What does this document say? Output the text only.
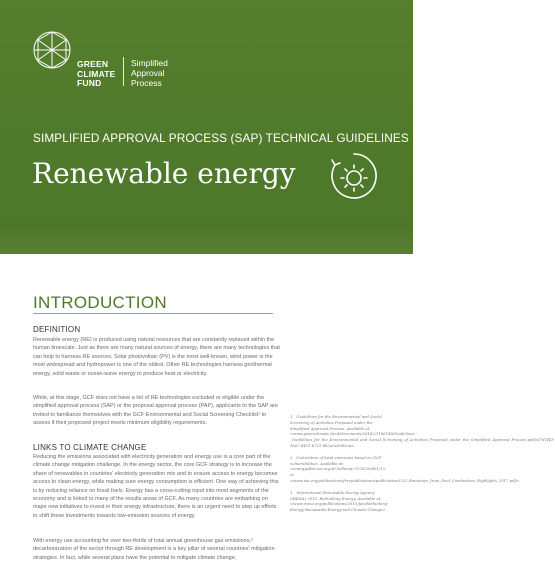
GREEN
CLIMATE
FUND
Simplified
Approval
Process
SIMPLIFIED APPROVAL PROCESS (SAP) TECHNICAL GUIDELINES
Renewable energy
INTRODUCTION
DEFINITION

Renewable energy (RE) is produced using natural resources that are constantly replaced within the human timescale. Just as there are many natural sources of energy, there are many technologies that can help to harness RE sources. Solar photovoltaic (PV) is the most well-known, wind power is the most widespread and hydropower is one of the oldest. Other RE technologies harness geothermal energy, solid waste or ocean-wave energy to produce heat or electricity.

While, at this stage, GCF does not have a list of RE technologies excluded or eligible under the simplified approval process (SAP) or the proposal approval process (PAP), applicants to the SAP are invited to familiarize themselves with the GCF Environmental and Social Screening Checklist¹ to assess if their proposed project meets minimum eligibility requirements.

LINKS TO CLIMATE CHANGE

Reducing the emissions associated with electricity generation and energy use is a core part of the climate change mitigation challenge. In the energy sector, the core GCF strategy is to increase the share of renewables in countries' electricity generation mix and to ensure access to energy becomes access to clean energy, while making sure energy consumption is efficient. One way of achieving this is by reducing reliance on fossil fuels. Energy has a cross-cutting input into most segments of the economy and is linked to many of the results areas of GCF. As many countries are embarking on major new initiatives to invest in their energy infrastructure, there is an urgent need to step up efforts to shift these investments towards low-emission sources of energy.

With energy use accounting for over two-thirds of total annual greenhouse gas emissions,² decarbonization of the sector through RE development is a key pillar of several countries' mitigation strategies. In fact, while several plans have the potential to mitigate climate change,

1 Guidelines for the Environmental and Social Screening of Activities Proposed under the Simplified Approval Process. Available at: <www.greenclimate.fund/documents/20182/1166148/Guidelines_-_Guidelines_for_the_Environmental_and_Social_Screening_of_Activities_Proposed_under_the_Simplified_Approval_Process.pdf/cd7d1f43-1ba7-4431-b722-6b2a5e06b5ca>.

2 Calculation of total emissions based on GCF vulnerabilities. Available at: <energyatlas.iea.org/#!/tellmap/-1076250891/1> or <www.iea.org/publications/freepublications/publication/CO2_Emissions_from_Fuel_Combustion_Highlights_2017.pdf>.

3 International Renewable Energy Agency (IRENA) 2015. Rethinking Energy. Available at: <www.irena.org/publications/2015/Jan/Rethinking-Energy-Renewable-Energy-and-Climate-Change>.
